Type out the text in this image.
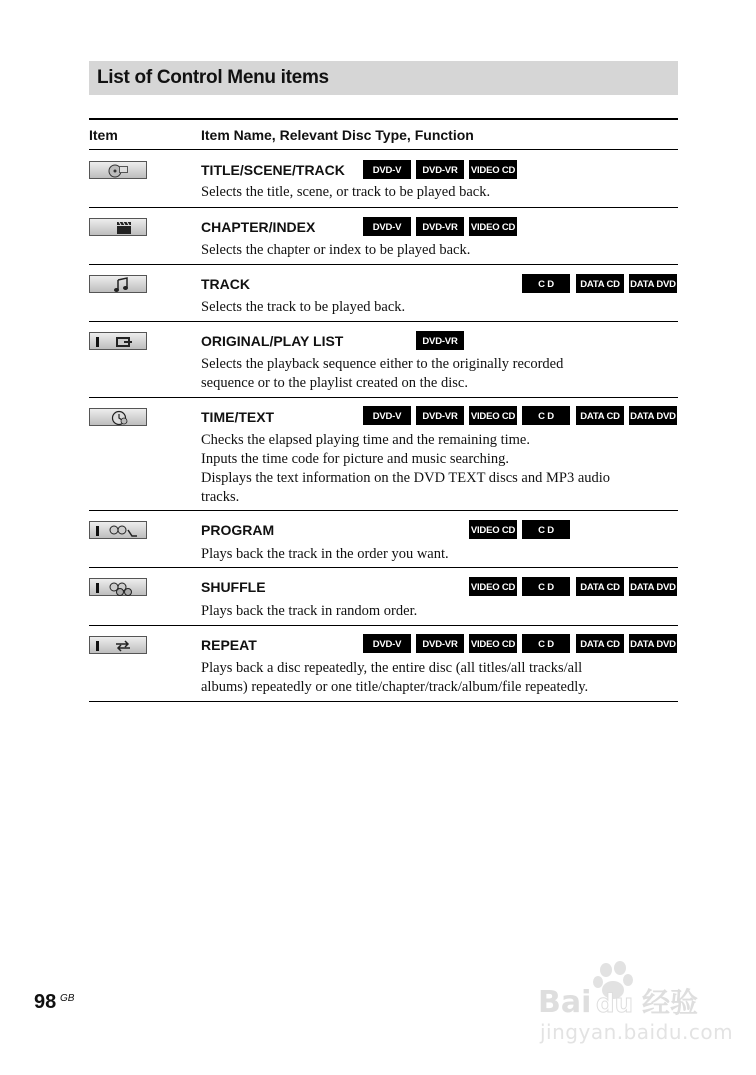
List of Control Menu items
Item	Item Name, Relevant Disc Type, Function
TITLE/SCENE/TRACK	DVD-V	DVD-VR	VIDEO CD
Selects the title, scene, or track to be played back.
CHAPTER/INDEX	DVD-V	DVD-VR	VIDEO CD
Selects the chapter or index to be played back.
TRACK	C D	DATA CD	DATA DVD
Selects the track to be played back.
ORIGINAL/PLAY LIST	DVD-VR
Selects the playback sequence either to the originally recorded
sequence or to the playlist created on the disc.
TIME/TEXT	DVD-V	DVD-VR	VIDEO CD	C D	DATA CD	DATA DVD
Checks the elapsed playing time and the remaining time.
Inputs the time code for picture and music searching.
Displays the text information on the DVD TEXT discs and MP3 audio
tracks.
PROGRAM	VIDEO CD	C D
Plays back the track in the order you want.
SHUFFLE	VIDEO CD	C D	DATA CD	DATA DVD
Plays back the track in random order.
REPEAT	DVD-V	DVD-VR	VIDEO CD	C D	DATA CD	DATA DVD
Plays back a disc repeatedly, the entire disc (all titles/all tracks/all
albums) repeatedly or one title/chapter/track/album/file repeatedly.
98 GB	Bai du 经验
jingyan.baidu.com
